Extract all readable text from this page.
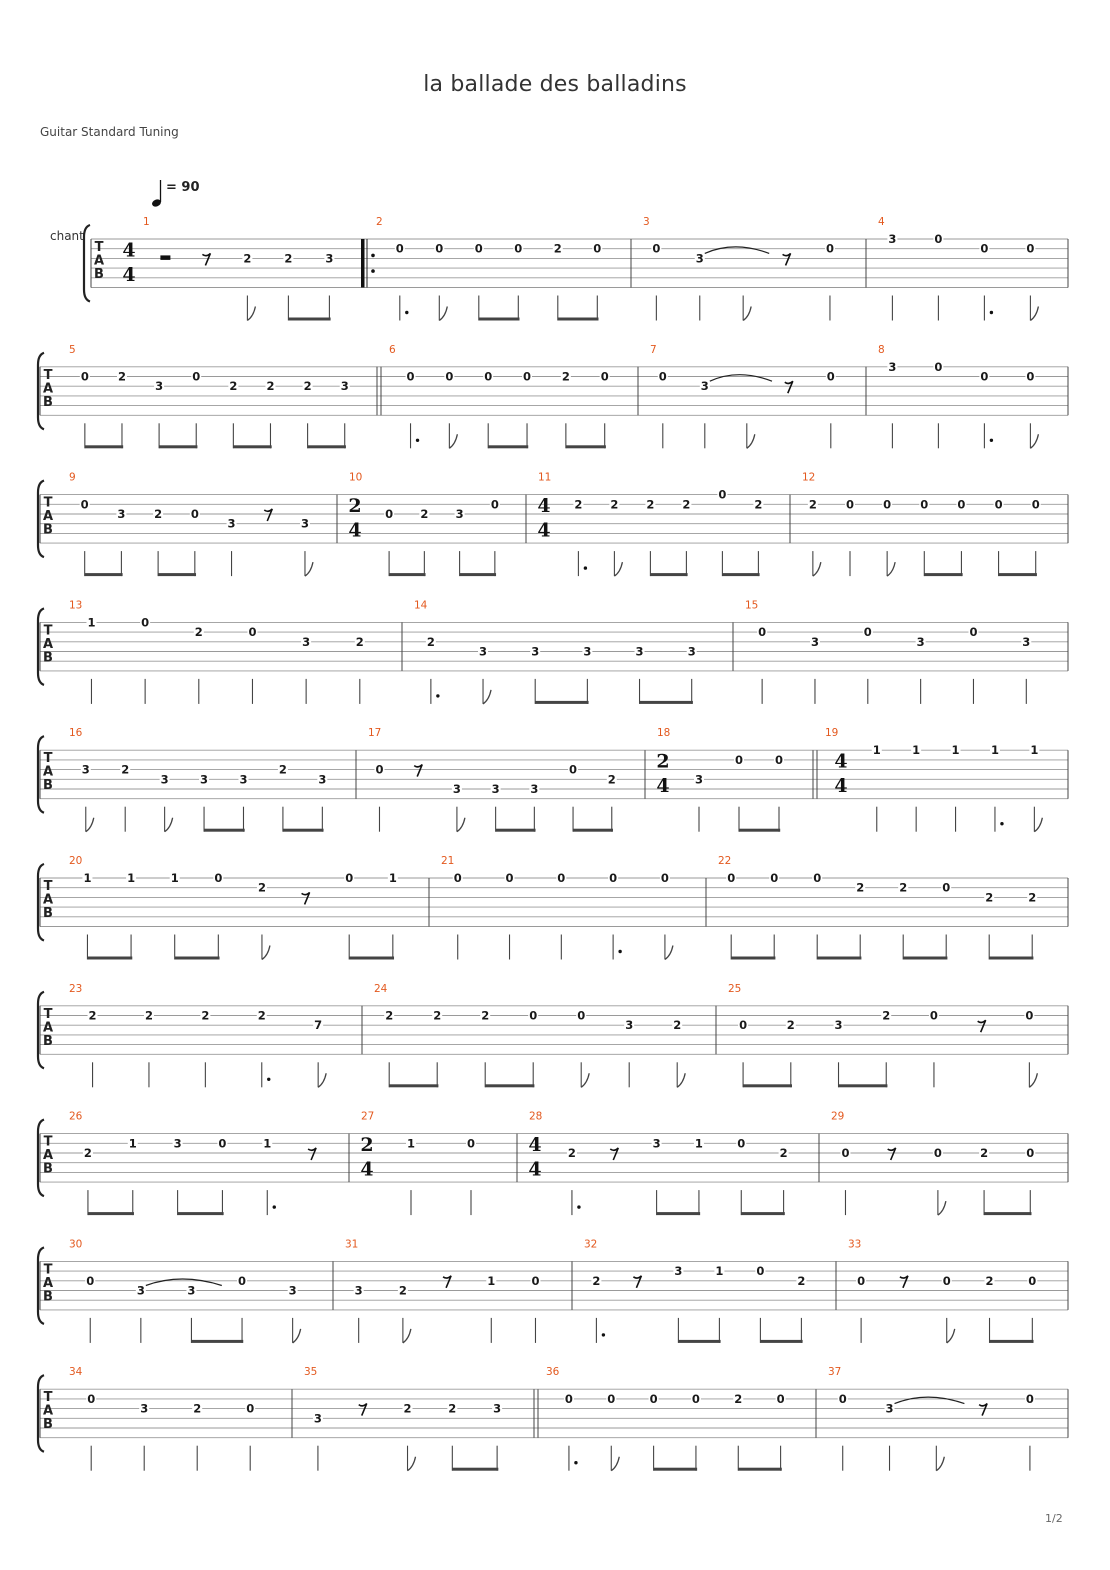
la ballade des balladins
Guitar Standard Tuning
= 90
chant
1/2
T
A
B
1
4
4
2	2	3
2
0	0	0	0	2	0
3
0
3
0
4
3	0
0	0
T
A
B
5
0	2
3
0
2	2	2	3
6
0	0	0	0	2	0
7
0
3
0
8
3	0
0	0
T
A
B
9
0
3 2 0
3	3
10
2
4
0 2 3
0
11
4
4
2 2 2 2
0
2
12
2	0	0	0	0	0	0
T
A
B
13
1	0
2	0
3	2
14
2
3	3	3	3	3
15
0
3
0
3
0
3
T
A
B
16
3	2
3	3	3
2
3
17
0
3	3	3
0
2
18
2
4 3
0	0
19
4
4
1	1	1	1	1
T
A
B
20
1	1	1	0
2
0	1
21
0	0	0	0	0
22
0	0	0
2	2	0
2	2
T
A
B
23
2	2	2	2
7
24
2	2	2	0	0
3	2
25
0	2	3
2	0	0
T
A
B
26
2
1	3	0	1
27
2
4
1	0
28
4
4
2
3	1	0
2
29
0	0	2	0
T
A
B
30
0
3	3
0
3
31
3	2
1	0
32
2
3	1	0
2
33
0	0	2	0
T
A
B
34
0
3	2	0
35
3
2	2	3
36
0	0	0	0	2	0
37
0
3
0
